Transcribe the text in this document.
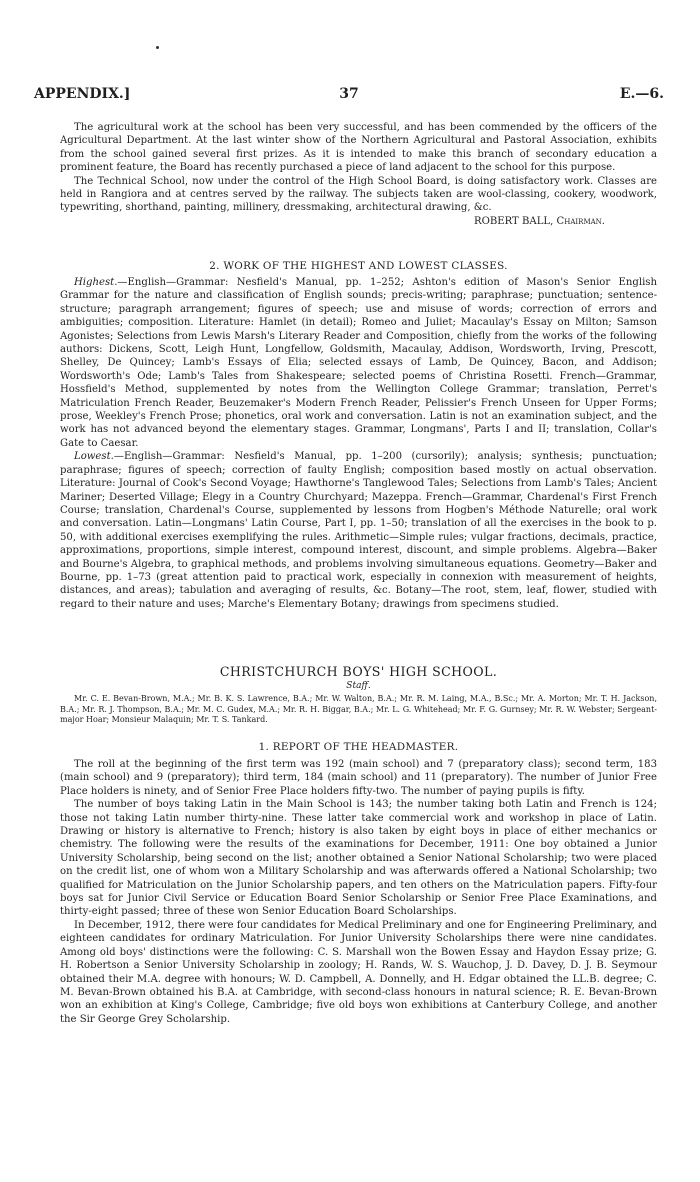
APPENDIX.]	37	E.—6.

The agricultural work at the school has been very successful, and has been commended by the officers of the Agricultural Department. At the last winter show of the Northern Agricultural and Pastoral Association, exhibits from the school gained several first prizes. As it is intended to make this branch of secondary education a prominent feature, the Board has recently purchased a piece of land adjacent to the school for this purpose.

The Technical School, now under the control of the High School Board, is doing satisfactory work. Classes are held in Rangiora and at centres served by the railway. The subjects taken are wool-classing, cookery, woodwork, typewriting, shorthand, painting, millinery, dressmaking, architectural drawing, &c.

ROBERT BALL, Chairman.
2. WORK OF THE HIGHEST AND LOWEST CLASSES.

Highest.—English—Grammar: Nesfield's Manual, pp. 1–252; Ashton's edition of Mason's Senior English Grammar for the nature and classification of English sounds; precis-writing; paraphrase; punctuation; sentence-structure; paragraph arrangement; figures of speech; use and misuse of words; correction of errors and ambiguities; composition. Literature: Hamlet (in detail); Romeo and Juliet; Macaulay's Essay on Milton; Samson Agonistes; Selections from Lewis Marsh's Literary Reader and Composition, chiefly from the works of the following authors: Dickens, Scott, Leigh Hunt, Longfellow, Goldsmith, Macaulay, Addison, Wordsworth, Irving, Prescott, Shelley, De Quincey; Lamb's Essays of Elia; selected essays of Lamb, De Quincey, Bacon, and Addison; Wordsworth's Ode; Lamb's Tales from Shakespeare; selected poems of Christina Rosetti. French—Grammar, Hossfield's Method, supplemented by notes from the Wellington College Grammar; translation, Perret's Matriculation French Reader, Beuzemaker's Modern French Reader, Pelissier's French Unseen for Upper Forms; prose, Weekley's French Prose; phonetics, oral work and conversation. Latin is not an examination subject, and the work has not advanced beyond the elementary stages. Grammar, Longmans', Parts I and II; translation, Collar's Gate to Caesar.

Lowest.—English—Grammar: Nesfield's Manual, pp. 1–200 (cursorily); analysis; synthesis; punctuation; paraphrase; figures of speech; correction of faulty English; composition based mostly on actual observation. Literature: Journal of Cook's Second Voyage; Hawthorne's Tanglewood Tales; Selections from Lamb's Tales; Ancient Mariner; Deserted Village; Elegy in a Country Churchyard; Mazeppa. French—Grammar, Chardenal's First French Course; translation, Chardenal's Course, supplemented by lessons from Hogben's Méthode Naturelle; oral work and conversation. Latin—Longmans' Latin Course, Part I, pp. 1–50; translation of all the exercises in the book to p. 50, with additional exercises exemplifying the rules. Arithmetic—Simple rules; vulgar fractions, decimals, practice, approximations, proportions, simple interest, compound interest, discount, and simple problems. Algebra—Baker and Bourne's Algebra, to graphical methods, and problems involving simultaneous equations. Geometry—Baker and Bourne, pp. 1–73 (great attention paid to practical work, especially in connexion with measurement of heights, distances, and areas); tabulation and averaging of results, &c. Botany—The root, stem, leaf, flower, studied with regard to their nature and uses; Marche's Elementary Botany; drawings from specimens studied.

CHRISTCHURCH BOYS' HIGH SCHOOL.
Staff.

Mr. C. E. Bevan-Brown, M.A.; Mr. B. K. S. Lawrence, B.A.; Mr. W. Walton, B.A.; Mr. R. M. Laing, M.A., B.Sc.; Mr. A. Morton; Mr. T. H. Jackson, B.A.; Mr. R. J. Thompson, B.A.; Mr. M. C. Gudex, M.A.; Mr. R. H. Biggar, B.A.; Mr. L. G. Whitehead; Mr. F. G. Gurnsey; Mr. R. W. Webster; Sergeant-major Hoar; Monsieur Malaquin; Mr. T. S. Tankard.

1. REPORT OF THE HEADMASTER.

The roll at the beginning of the first term was 192 (main school) and 7 (preparatory class); second term, 183 (main school) and 9 (preparatory); third term, 184 (main school) and 11 (preparatory). The number of Junior Free Place holders is ninety, and of Senior Free Place holders fifty-two. The number of paying pupils is fifty.

The number of boys taking Latin in the Main School is 143; the number taking both Latin and French is 124; those not taking Latin number thirty-nine. These latter take commercial work and workshop in place of Latin. Drawing or history is alternative to French; history is also taken by eight boys in place of either mechanics or chemistry. The following were the results of the examinations for December, 1911: One boy obtained a Junior University Scholarship, being second on the list; another obtained a Senior National Scholarship; two were placed on the credit list, one of whom won a Military Scholarship and was afterwards offered a National Scholarship; two qualified for Matriculation on the Junior Scholarship papers, and ten others on the Matriculation papers. Fifty-four boys sat for Junior Civil Service or Education Board Senior Scholarship or Senior Free Place Examinations, and thirty-eight passed; three of these won Senior Education Board Scholarships.

In December, 1912, there were four candidates for Medical Preliminary and one for Engineering Preliminary, and eighteen candidates for ordinary Matriculation. For Junior University Scholarships there were nine candidates. Among old boys' distinctions were the following: C. S. Marshall won the Bowen Essay and Haydon Essay prize; G. H. Robertson a Senior University Scholarship in zoology; H. Rands, W. S. Wauchop, J. D. Davey, D. J. B. Seymour obtained their M.A. degree with honours; W. D. Campbell, A. Donnelly, and H. Edgar obtained the LL.B. degree; C. M. Bevan-Brown obtained his B.A. at Cambridge, with second-class honours in natural science; R. E. Bevan-Brown won an exhibition at King's College, Cambridge; five old boys won exhibitions at Canterbury College, and another the Sir George Grey Scholarship.
